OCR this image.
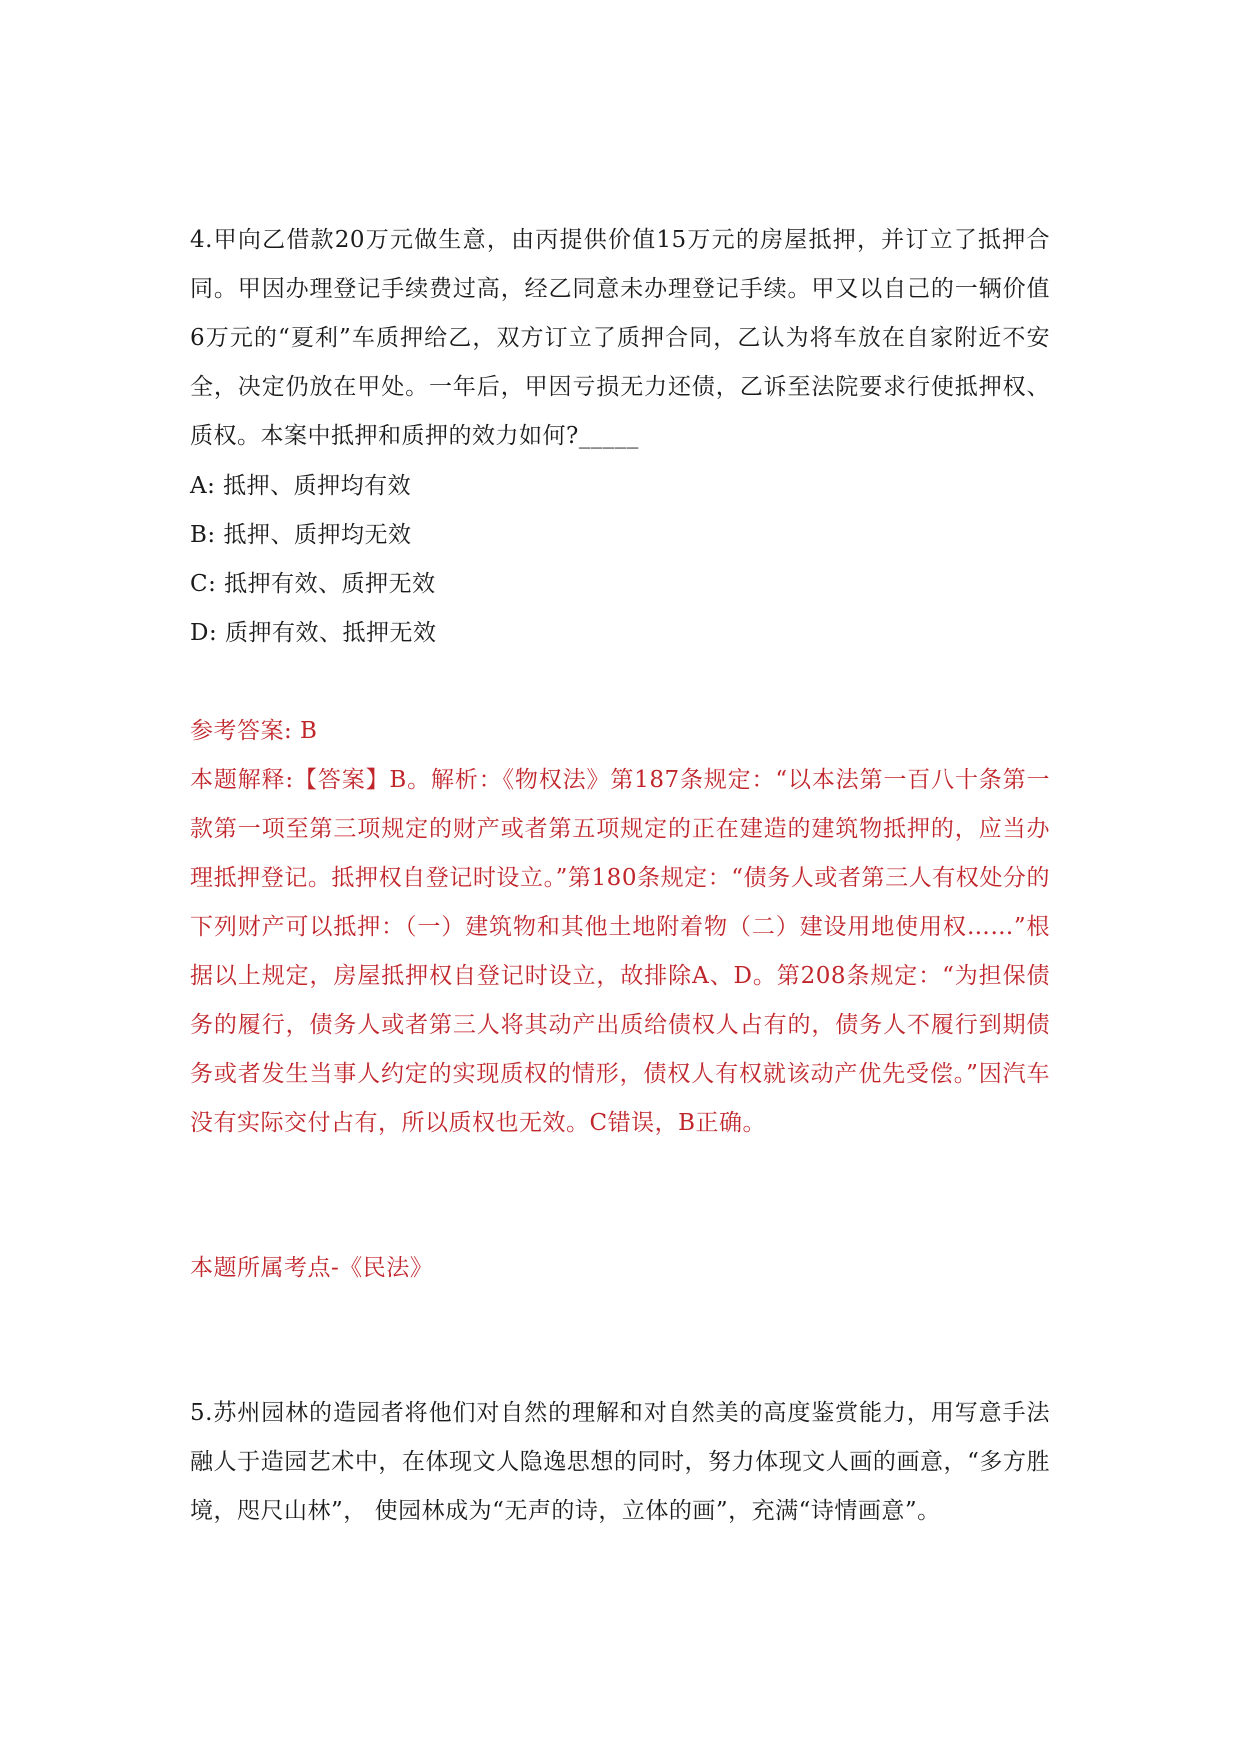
4.甲向乙借款20万元做生意，由丙提供价值15万元的房屋抵押，并订立了抵押合同。甲因办理登记手续费过高，经乙同意未办理登记手续。甲又以自己的一辆价值6万元的“夏利”车质押给乙，双方订立了质押合同，乙认为将车放在自家附近不安全，决定仍放在甲处。一年后，甲因亏损无力还债，乙诉至法院要求行使抵押权、质权。本案中抵押和质押的效力如何?_____
A: 抵押、质押均有效
B: 抵押、质押均无效
C: 抵押有效、质押无效
D: 质押有效、抵押无效
参考答案: B
本题解释:【答案】B。解析：《物权法》第187条规定：“以本法第一百八十条第一款第一项至第三项规定的财产或者第五项规定的正在建造的建筑物抵押的，应当办理抵押登记。抵押权自登记时设立。”第180条规定：“债务人或者第三人有权处分的下列财产可以抵押：（一）建筑物和其他土地附着物（二）建设用地使用权……”根据以上规定，房屋抵押权自登记时设立，故排除A、D。第208条规定：“为担保债务的履行，债务人或者第三人将其动产出质给债权人占有的，债务人不履行到期债务或者发生当事人约定的实现质权的情形，债权人有权就该动产优先受偿。”因汽车没有实际交付占有，所以质权也无效。C错误，B正确。
本题所属考点-《民法》
5.苏州园林的造园者将他们对自然的理解和对自然美的高度鉴赏能力，用写意手法融人于造园艺术中，在体现文人隐逸思想的同时，努力体现文人画的画意，“多方胜境，咫尺山林”， 使园林成为“无声的诗，立体的画”，充满“诗情画意”。
